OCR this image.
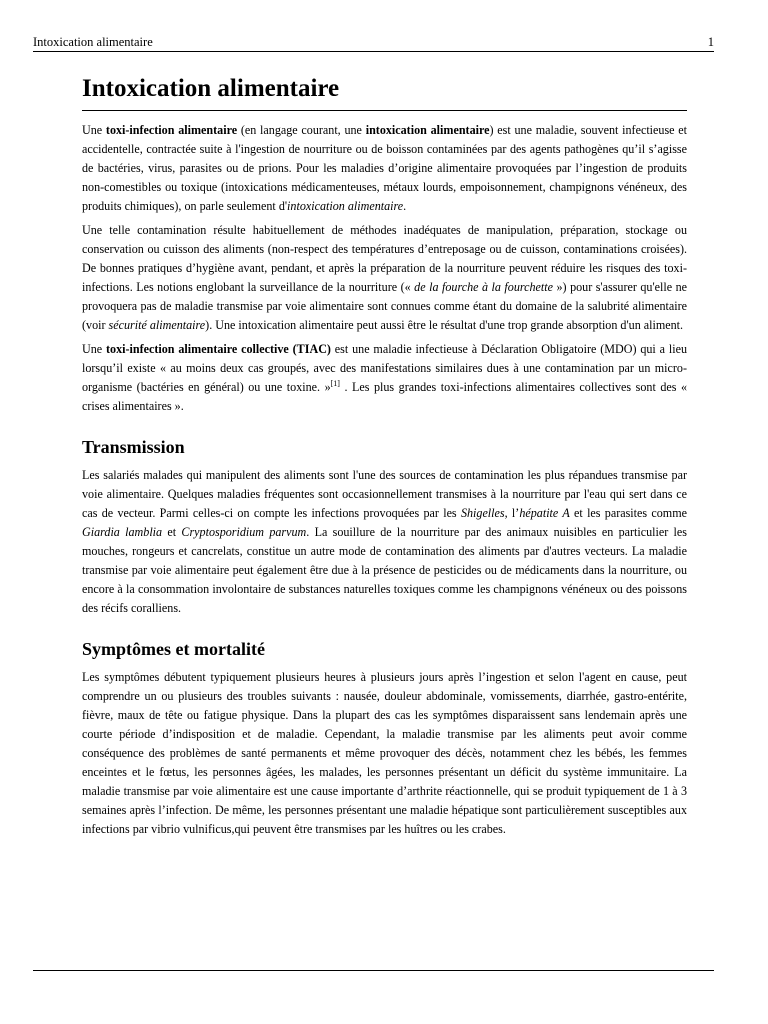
Intoxication alimentaire	1
Intoxication alimentaire

Une toxi-infection alimentaire (en langage courant, une intoxication alimentaire) est une maladie, souvent infectieuse et accidentelle, contractée suite à l'ingestion de nourriture ou de boisson contaminées par des agents pathogènes qu’il s’agisse de bactéries, virus, parasites ou de prions. Pour les maladies d’origine alimentaire provoquées par l’ingestion de produits non-comestibles ou toxique (intoxications médicamenteuses, métaux lourds, empoisonnement, champignons vénéneux, des produits chimiques), on parle seulement d'intoxication alimentaire.

Une telle contamination résulte habituellement de méthodes inadéquates de manipulation, préparation, stockage ou conservation ou cuisson des aliments (non-respect des températures d’entreposage ou de cuisson, contaminations croisées). De bonnes pratiques d’hygiène avant, pendant, et après la préparation de la nourriture peuvent réduire les risques des toxi-infections. Les notions englobant la surveillance de la nourriture (« de la fourche à la fourchette ») pour s'assurer qu'elle ne provoquera pas de maladie transmise par voie alimentaire sont connues comme étant du domaine de la salubrité alimentaire (voir sécurité alimentaire). Une intoxication alimentaire peut aussi être le résultat d'une trop grande absorption d'un aliment.

Une toxi-infection alimentaire collective (TIAC) est une maladie infectieuse à Déclaration Obligatoire (MDO) qui a lieu lorsqu’il existe « au moins deux cas groupés, avec des manifestations similaires dues à une contamination par un micro-organisme (bactéries en général) ou une toxine. »[1] . Les plus grandes toxi-infections alimentaires collectives sont des « crises alimentaires ».

Transmission

Les salariés malades qui manipulent des aliments sont l'une des sources de contamination les plus répandues transmise par voie alimentaire. Quelques maladies fréquentes sont occasionnellement transmises à la nourriture par l'eau qui sert dans ce cas de vecteur. Parmi celles-ci on compte les infections provoquées par les Shigelles, l’hépatite A et les parasites comme Giardia lamblia et Cryptosporidium parvum. La souillure de la nourriture par des animaux nuisibles en particulier les mouches, rongeurs et cancrelats, constitue un autre mode de contamination des aliments par d'autres vecteurs. La maladie transmise par voie alimentaire peut également être due à la présence de pesticides ou de médicaments dans la nourriture, ou encore à la consommation involontaire de substances naturelles toxiques comme les champignons vénéneux ou des poissons des récifs coralliens.

Symptômes et mortalité

Les symptômes débutent typiquement plusieurs heures à plusieurs jours après l’ingestion et selon l'agent en cause, peut comprendre un ou plusieurs des troubles suivants : nausée, douleur abdominale, vomissements, diarrhée, gastro-entérite, fièvre, maux de tête ou fatigue physique. Dans la plupart des cas les symptômes disparaissent sans lendemain après une courte période d’indisposition et de maladie. Cependant, la maladie transmise par les aliments peut avoir comme conséquence des problèmes de santé permanents et même provoquer des décès, notamment chez les bébés, les femmes enceintes et le fœtus, les personnes âgées, les malades, les personnes présentant un déficit du système immunitaire. La maladie transmise par voie alimentaire est une cause importante d’arthrite réactionnelle, qui se produit typiquement de 1 à 3 semaines après l’infection. De même, les personnes présentant une maladie hépatique sont particulièrement susceptibles aux infections par vibrio vulnificus,qui peuvent être transmises par les huîtres ou les crabes.
